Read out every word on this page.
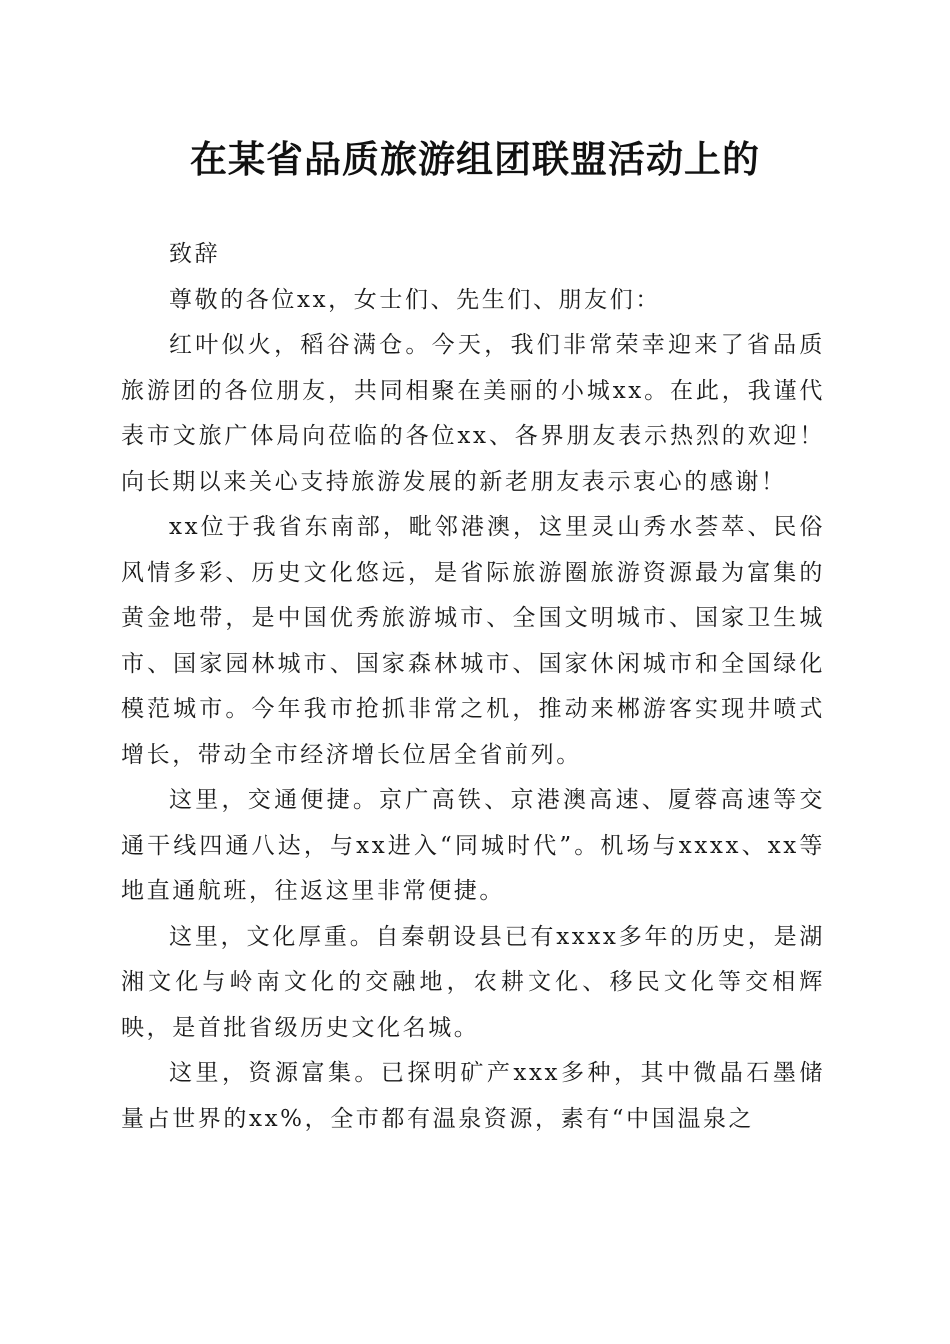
在某省品质旅游组团联盟活动上的

致辞

尊敬的各位xx，女士们、先生们、朋友们：

红叶似火，稻谷满仓。今天，我们非常荣幸迎来了省品质旅游团的各位朋友，共同相聚在美丽的小城xx。在此，我谨代表市文旅广体局向莅临的各位xx、各界朋友表示热烈的欢迎！向长期以来关心支持旅游发展的新老朋友表示衷心的感谢！

xx位于我省东南部，毗邻港澳，这里灵山秀水荟萃、民俗风情多彩、历史文化悠远，是省际旅游圈旅游资源最为富集的黄金地带，是中国优秀旅游城市、全国文明城市、国家卫生城市、国家园林城市、国家森林城市、国家休闲城市和全国绿化模范城市。今年我市抢抓非常之机，推动来郴游客实现井喷式增长，带动全市经济增长位居全省前列。

这里，交通便捷。京广高铁、京港澳高速、厦蓉高速等交通干线四通八达，与xx进入“同城时代”。机场与xxxx、xx等地直通航班，往返这里非常便捷。

这里，文化厚重。自秦朝设县已有xxxx多年的历史，是湖湘文化与岭南文化的交融地，农耕文化、移民文化等交相辉映，是首批省级历史文化名城。

这里，资源富集。已探明矿产xxx多种，其中微晶石墨储量占世界的xx%，全市都有温泉资源，素有“中国温泉之
